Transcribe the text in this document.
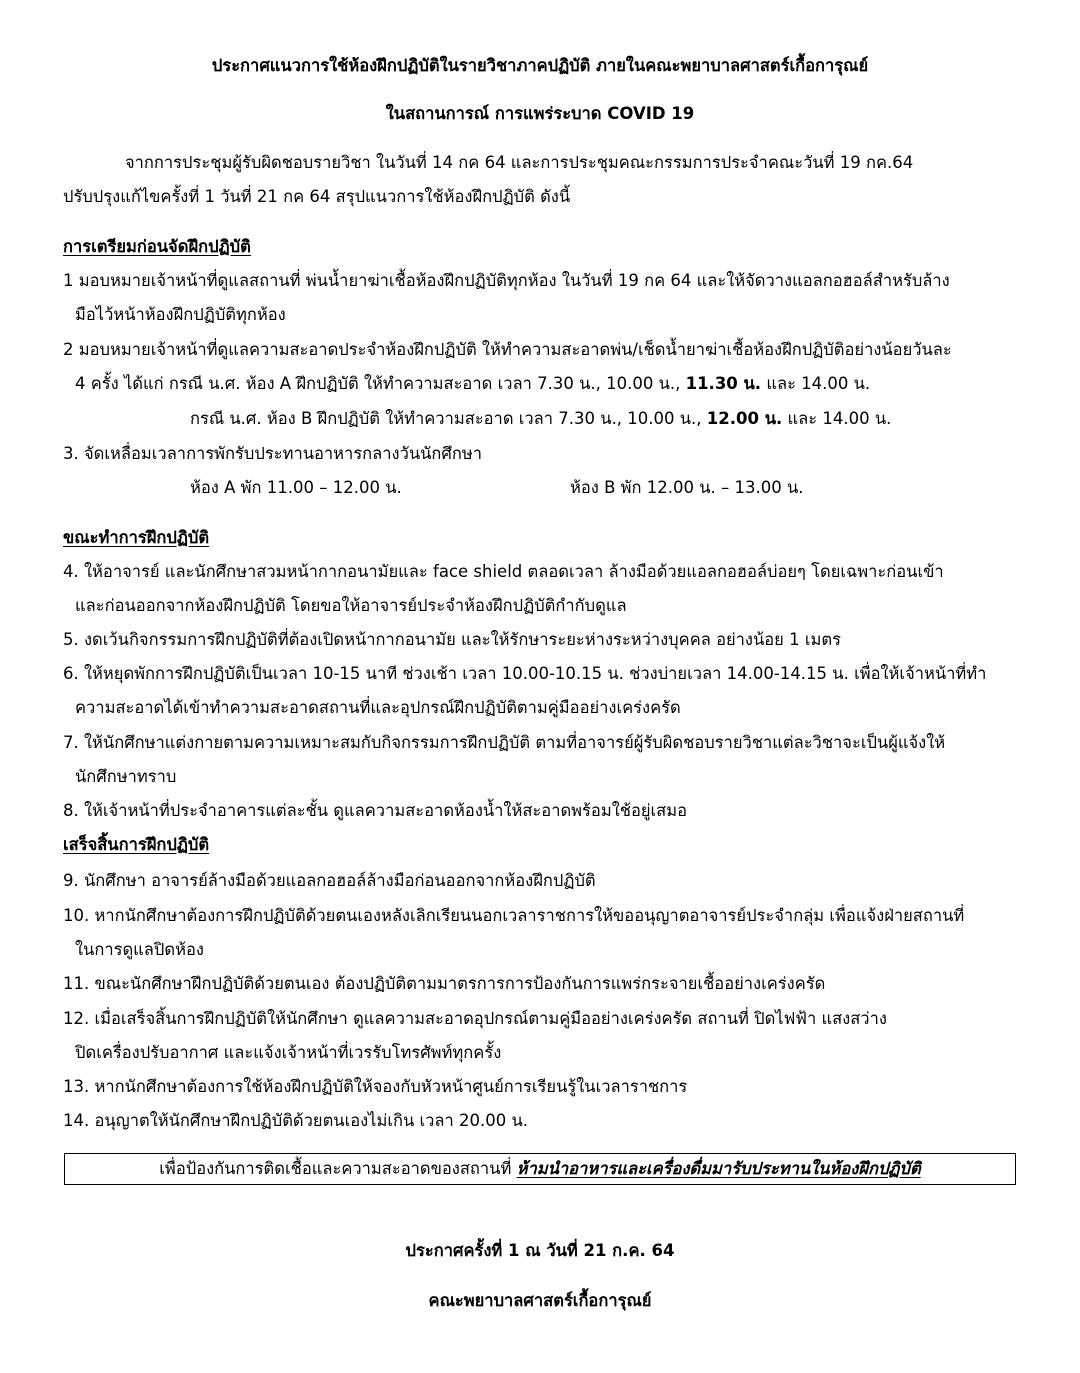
ประกาศแนวการใช้ห้องฝึกปฏิบัติในรายวิชาภาคปฏิบัติ ภายในคณะพยาบาลศาสตร์เกื้อการุณย์
ในสถานการณ์ การแพร่ระบาด COVID 19
จากการประชุมผู้รับผิดชอบรายวิชา ในวันที่ 14 กค 64 และการประชุมคณะกรรมการประจำคณะวันที่ 19 กค.64
ปรับปรุงแก้ไขครั้งที่ 1 วันที่ 21 กค 64 สรุปแนวการใช้ห้องฝึกปฏิบัติ ดังนี้
การเตรียมก่อนจัดฝึกปฏิบัติ
1 มอบหมายเจ้าหน้าที่ดูแลสถานที่ พ่นน้ำยาฆ่าเชื้อห้องฝึกปฏิบัติทุกห้อง ในวันที่ 19 กค 64 และให้จัดวางแอลกอฮอล์สำหรับล้าง
มือไว้หน้าห้องฝึกปฏิบัติทุกห้อง
2 มอบหมายเจ้าหน้าที่ดูแลความสะอาดประจำห้องฝึกปฏิบัติ ให้ทำความสะอาดพ่น/เช็ดน้ำยาฆ่าเชื้อห้องฝึกปฏิบัติอย่างน้อยวันละ
4 ครั้ง ได้แก่ กรณี น.ศ. ห้อง A ฝึกปฏิบัติ ให้ทำความสะอาด เวลา 7.30 น., 10.00 น., 11.30 น. และ 14.00 น.
กรณี น.ศ. ห้อง B ฝึกปฏิบัติ ให้ทำความสะอาด เวลา 7.30 น., 10.00 น., 12.00 น. และ 14.00 น.
3. จัดเหลื่อมเวลาการพักรับประทานอาหารกลางวันนักศึกษา
ห้อง A พัก 11.00 – 12.00 น.	ห้อง B พัก 12.00 น. – 13.00 น.
ขณะทำการฝึกปฏิบัติ
4. ให้อาจารย์ และนักศึกษาสวมหน้ากากอนามัยและ face shield ตลอดเวลา ล้างมือด้วยแอลกอฮอล์บ่อยๆ โดยเฉพาะก่อนเข้า
และก่อนออกจากห้องฝึกปฏิบัติ โดยขอให้อาจารย์ประจำห้องฝึกปฏิบัติกำกับดูแล
5. งดเว้นกิจกรรมการฝึกปฏิบัติที่ต้องเปิดหน้ากากอนามัย และให้รักษาระยะห่างระหว่างบุคคล อย่างน้อย 1 เมตร
6. ให้หยุดพักการฝึกปฏิบัติเป็นเวลา 10-15 นาที ช่วงเช้า เวลา 10.00-10.15 น. ช่วงบ่ายเวลา 14.00-14.15 น. เพื่อให้เจ้าหน้าที่ทำ
ความสะอาดได้เข้าทำความสะอาดสถานที่และอุปกรณ์ฝึกปฏิบัติตามคู่มืออย่างเคร่งครัด
7. ให้นักศึกษาแต่งกายตามความเหมาะสมกับกิจกรรมการฝึกปฏิบัติ ตามที่อาจารย์ผู้รับผิดชอบรายวิชาแต่ละวิชาจะเป็นผู้แจ้งให้
นักศึกษาทราบ
8. ให้เจ้าหน้าที่ประจำอาคารแต่ละชั้น ดูแลความสะอาดห้องน้ำให้สะอาดพร้อมใช้อยู่เสมอ
เสร็จสิ้นการฝึกปฏิบัติ
9. นักศึกษา อาจารย์ล้างมือด้วยแอลกอฮอล์ล้างมือก่อนออกจากห้องฝึกปฏิบัติ
10. หากนักศึกษาต้องการฝึกปฏิบัติด้วยตนเองหลังเลิกเรียนนอกเวลาราชการให้ขออนุญาตอาจารย์ประจำกลุ่ม เพื่อแจ้งฝ่ายสถานที่
ในการดูแลปิดห้อง
11. ขณะนักศึกษาฝึกปฏิบัติด้วยตนเอง ต้องปฏิบัติตามมาตรการการป้องกันการแพร่กระจายเชื้ออย่างเคร่งครัด
12. เมื่อเสร็จสิ้นการฝึกปฏิบัติให้นักศึกษา ดูแลความสะอาดอุปกรณ์ตามคู่มืออย่างเคร่งครัด สถานที่ ปิดไฟฟ้า แสงสว่าง
ปิดเครื่องปรับอากาศ และแจ้งเจ้าหน้าที่เวรรับโทรศัพท์ทุกครั้ง
13. หากนักศึกษาต้องการใช้ห้องฝึกปฏิบัติให้จองกับหัวหน้าศูนย์การเรียนรู้ในเวลาราชการ
14. อนุญาตให้นักศึกษาฝึกปฏิบัติด้วยตนเองไม่เกิน เวลา 20.00 น.
เพื่อป้องกันการติดเชื้อและความสะอาดของสถานที่ ห้ามนำอาหารและเครื่องดื่มมารับประทานในห้องฝึกปฏิบัติ
ประกาศครั้งที่ 1 ณ วันที่ 21 ก.ค. 64
คณะพยาบาลศาสตร์เกื้อการุณย์
